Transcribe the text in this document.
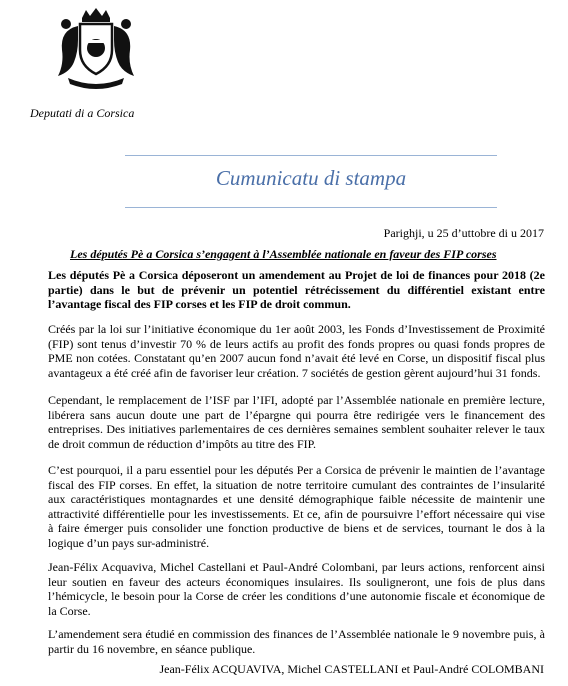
Deputati di a Corsica
Cumunicatu di stampa
Parighji, u 25 d’uttobre di u 2017
Les députés Pè a Corsica s’engagent à l’Assemblée nationale en faveur des FIP corses

Les députés Pè a Corsica déposeront un amendement au Projet de loi de finances pour 2018 (2e partie) dans le but de prévenir un potentiel rétrécissement du différentiel existant entre l’avantage fiscal des FIP corses et les FIP de droit commun.

Créés par la loi sur l’initiative économique du 1er août 2003, les Fonds d’Investissement de Proximité (FIP) sont tenus d’investir 70 % de leurs actifs au profit des fonds propres ou quasi fonds propres de PME non cotées. Constatant qu’en 2007 aucun fond n’avait été levé en Corse, un dispositif fiscal plus avantageux a été créé afin de favoriser leur création. 7 sociétés de gestion gèrent aujourd’hui 31 fonds.

Cependant, le remplacement de l’ISF par l’IFI, adopté par l’Assemblée nationale en première lecture, libérera sans aucun doute une part de l’épargne qui pourra être redirigée vers le financement des entreprises. Des initiatives parlementaires de ces dernières semaines semblent souhaiter relever le taux de droit commun de réduction d’impôts au titre des FIP.

C’est pourquoi, il a paru essentiel pour les députés Per a Corsica de prévenir le maintien de l’avantage fiscal des FIP corses. En effet, la situation de notre territoire cumulant des contraintes de l’insularité aux caractéristiques montagnardes et une densité démographique faible nécessite de maintenir une attractivité différentielle pour les investissements. Et ce, afin de poursuivre l’effort nécessaire qui vise à faire émerger puis consolider une fonction productive de biens et de services, tournant le dos à la logique d’un pays sur-administré.

Jean-Félix Acquaviva, Michel Castellani et Paul-André Colombani, par leurs actions, renforcent ainsi leur soutien en faveur des acteurs économiques insulaires. Ils souligneront, une fois de plus dans l’hémicycle, le besoin pour la Corse de créer les conditions d’une autonomie fiscale et économique de la Corse.

L’amendement sera étudié en commission des finances de l’Assemblée nationale le 9 novembre puis, à partir du 16 novembre, en séance publique.

Jean-Félix ACQUAVIVA, Michel CASTELLANI et Paul-André COLOMBANI
